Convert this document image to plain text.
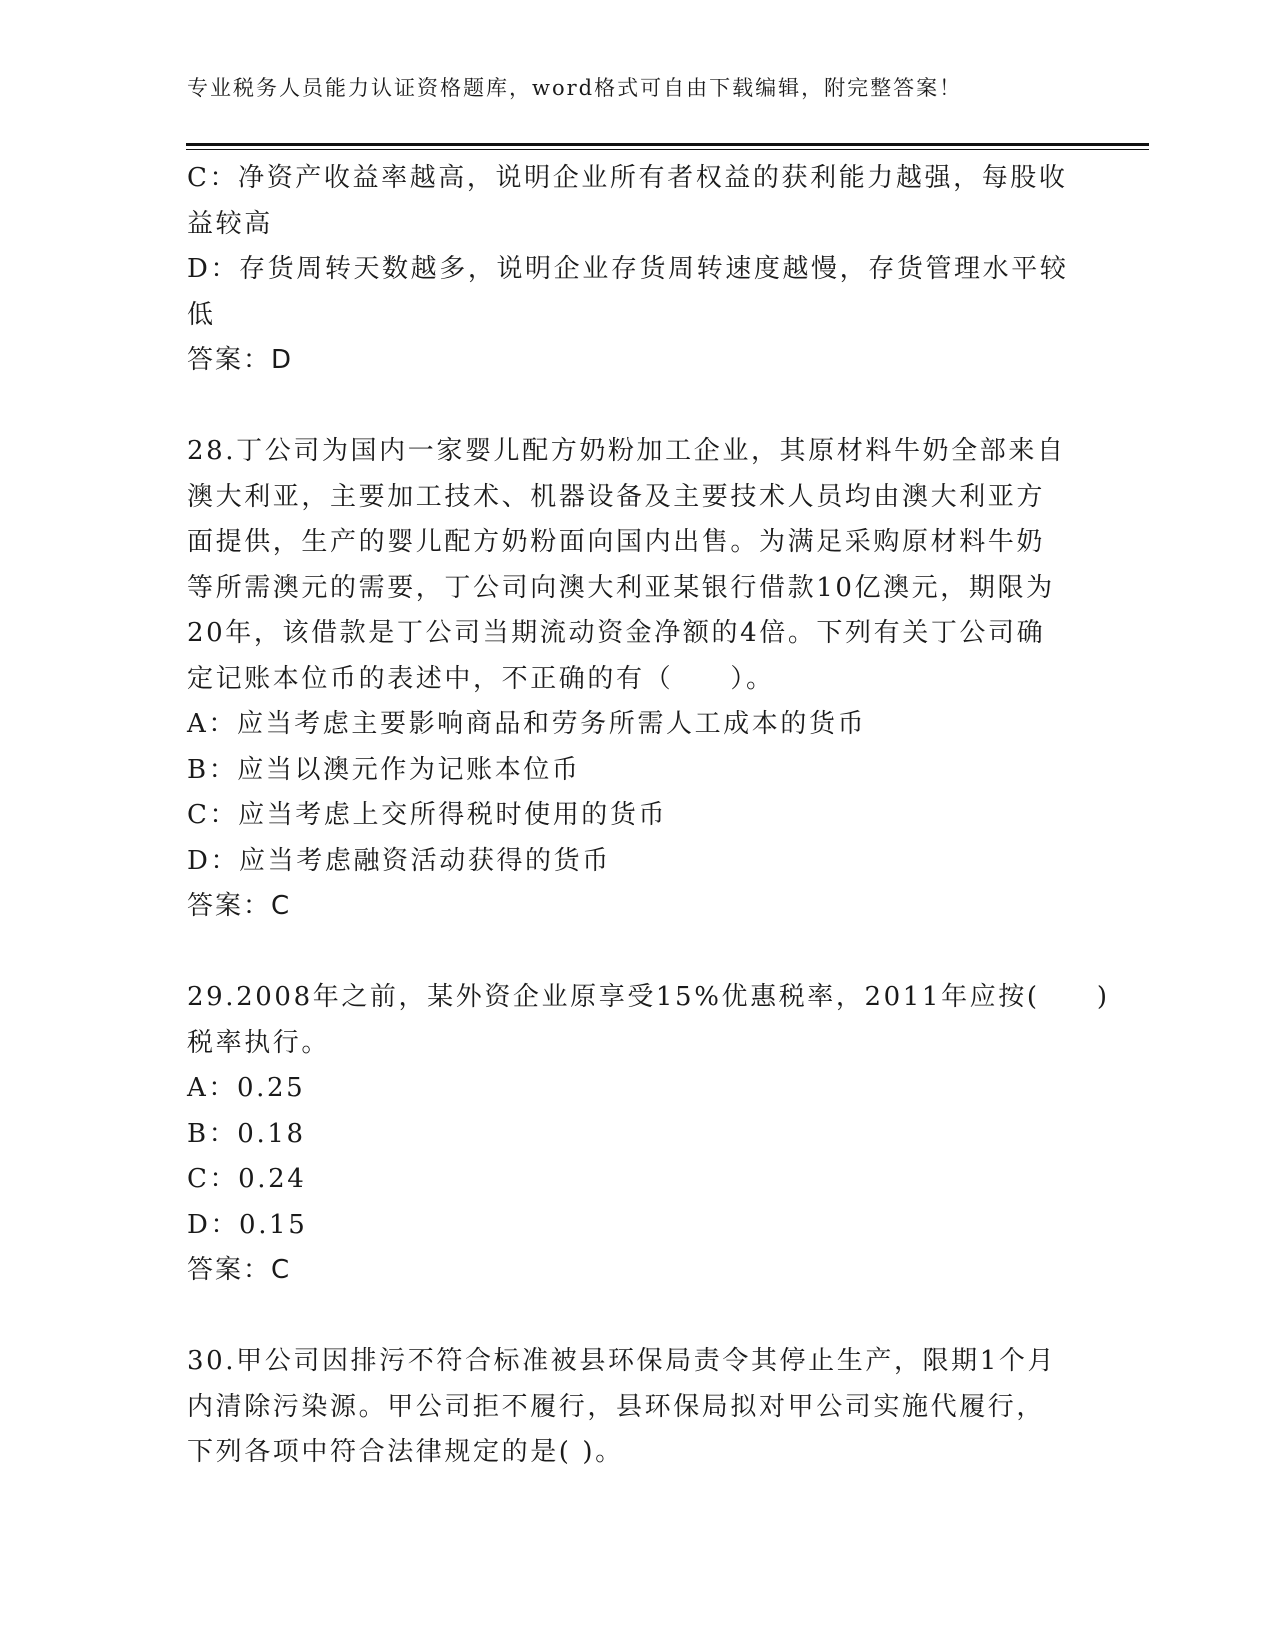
专业税务人员能力认证资格题库，word格式可自由下载编辑，附完整答案！
C：净资产收益率越高，说明企业所有者权益的获利能力越强，每股收
益较高
D：存货周转天数越多，说明企业存货周转速度越慢，存货管理水平较
低
答案：D
28.丁公司为国内一家婴儿配方奶粉加工企业，其原材料牛奶全部来自
澳大利亚，主要加工技术、机器设备及主要技术人员均由澳大利亚方
面提供，生产的婴儿配方奶粉面向国内出售。为满足采购原材料牛奶
等所需澳元的需要，丁公司向澳大利亚某银行借款10亿澳元，期限为
20年，该借款是丁公司当期流动资金净额的4倍。下列有关丁公司确
定记账本位币的表述中，不正确的有（　　）。
A：应当考虑主要影响商品和劳务所需人工成本的货币
B：应当以澳元作为记账本位币
C：应当考虑上交所得税时使用的货币
D：应当考虑融资活动获得的货币
答案：C
29.2008年之前，某外资企业原享受15%优惠税率，2011年应按(　　)
税率执行。
A：0.25
B：0.18
C：0.24
D：0.15
答案：C
30.甲公司因排污不符合标准被县环保局责令其停止生产，限期1个月
内清除污染源。甲公司拒不履行，县环保局拟对甲公司实施代履行，
下列各项中符合法律规定的是( )。
